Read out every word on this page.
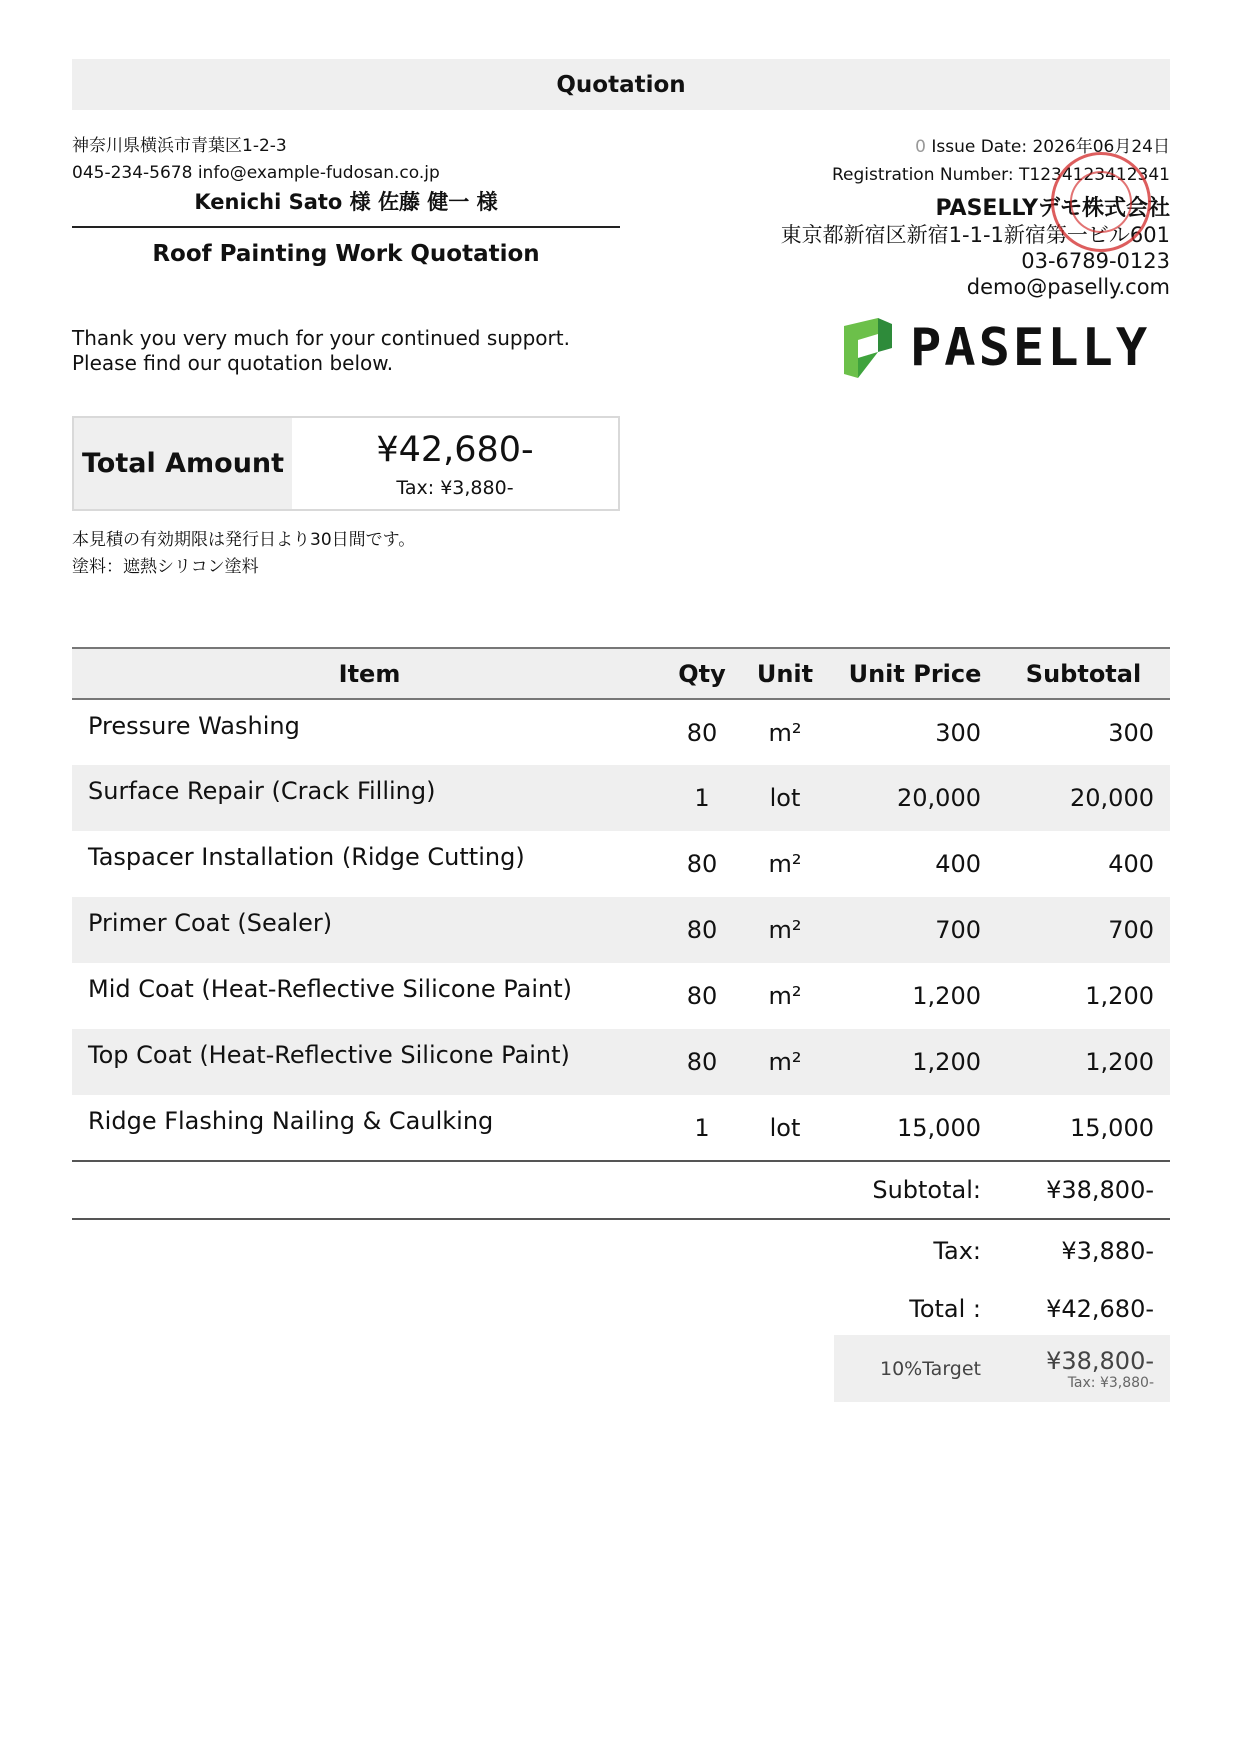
Quotation
神奈川県横浜市青葉区1-2-3
045-234-5678 info@example-fudosan.co.jp
Kenichi Sato 様 佐藤 健一 様
Roof Painting Work Quotation
Thank you very much for your continued support.
Please find our quotation below.
Total Amount	¥42,680-
Tax: ¥3,880-
本見積の有効期限は発行日より30日間です。
塗料：遮熱シリコン塗料
0 Issue Date: 2026年06月24日
Registration Number: T1234123412341
PASELLYデモ株式会社
東京都新宿区新宿1-1-1新宿第一ビル601
03-6789-0123
demo@paselly.com
PASELLY
Item	Qty	Unit	Unit Price	Subtotal
Pressure Washing	80	m²	300	300
Surface Repair (Crack Filling)	1	lot	20,000	20,000
Taspacer Installation (Ridge Cutting)	80	m²	400	400
Primer Coat (Sealer)	80	m²	700	700
Mid Coat (Heat-Reflective Silicone Paint)	80	m²	1,200	1,200
Top Coat (Heat-Reflective Silicone Paint)	80	m²	1,200	1,200
Ridge Flashing Nailing & Caulking	1	lot	15,000	15,000
Subtotal:	¥38,800-
Tax:	¥3,880-
Total :	¥42,680-
10%Target	¥38,800-
Tax: ¥3,880-
